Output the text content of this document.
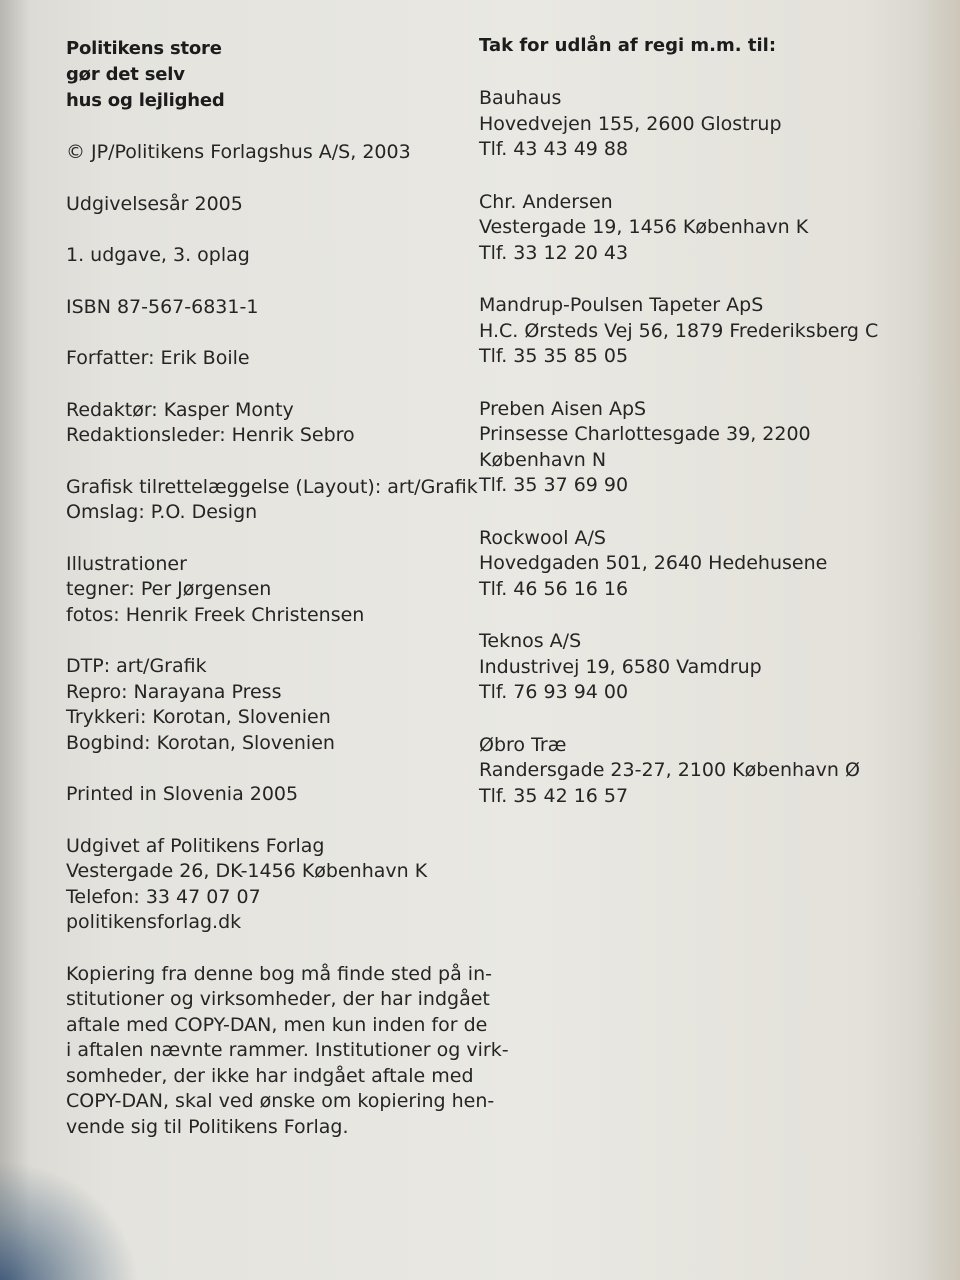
Politikens store
gør det selv
hus og lejlighed
© JP/Politikens Forlagshus A/S, 2003
Udgivelsesår 2005
1. udgave, 3. oplag
ISBN 87-567-6831-1
Forfatter: Erik Boile
Redaktør: Kasper Monty
Redaktionsleder: Henrik Sebro
Grafisk tilrettelæggelse (Layout): art/Grafik
Omslag: P.O. Design
Illustrationer
tegner: Per Jørgensen
fotos: Henrik Freek Christensen
DTP: art/Grafik
Repro: Narayana Press
Trykkeri: Korotan, Slovenien
Bogbind: Korotan, Slovenien
Printed in Slovenia 2005
Udgivet af Politikens Forlag
Vestergade 26, DK-1456 København K
Telefon: 33 47 07 07
politikensforlag.dk
Kopiering fra denne bog må finde sted på in-
stitutioner og virksomheder, der har indgået
aftale med COPY-DAN, men kun inden for de
i aftalen nævnte rammer. Institutioner og virk-
somheder, der ikke har indgået aftale med
COPY-DAN, skal ved ønske om kopiering hen-
vende sig til Politikens Forlag.
Tak for udlån af regi m.m. til:
Bauhaus
Hovedvejen 155, 2600 Glostrup
Tlf. 43 43 49 88
Chr. Andersen
Vestergade 19, 1456 København K
Tlf. 33 12 20 43
Mandrup-Poulsen Tapeter ApS
H.C. Ørsteds Vej 56, 1879 Frederiksberg C
Tlf. 35 35 85 05
Preben Aisen ApS
Prinsesse Charlottesgade 39, 2200
København N
Tlf. 35 37 69 90
Rockwool A/S
Hovedgaden 501, 2640 Hedehusene
Tlf. 46 56 16 16
Teknos A/S
Industrivej 19, 6580 Vamdrup
Tlf. 76 93 94 00
Øbro Træ
Randersgade 23-27, 2100 København Ø
Tlf. 35 42 16 57
